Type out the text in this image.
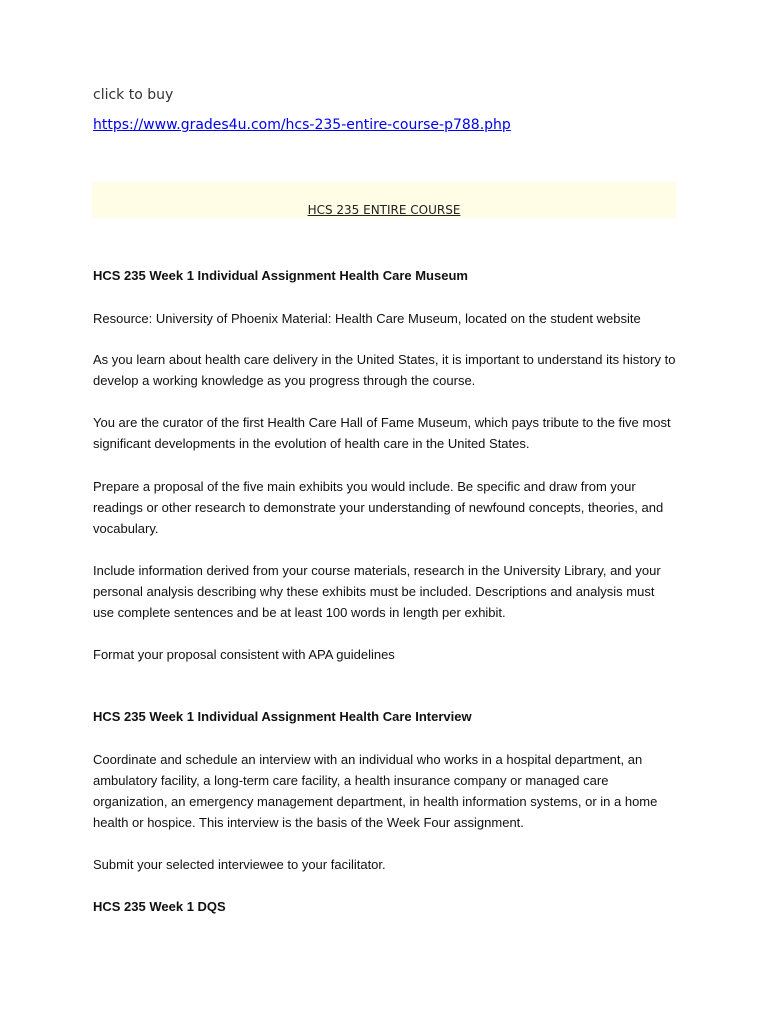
click to buy
https://www.grades4u.com/hcs-235-entire-course-p788.php
HCS 235 ENTIRE COURSE
HCS 235 Week 1 Individual Assignment Health Care Museum
Resource: University of Phoenix Material: Health Care Museum, located on the student website
As you learn about health care delivery in the United States, it is important to understand its history to develop a working knowledge as you progress through the course.
You are the curator of the first Health Care Hall of Fame Museum, which pays tribute to the five most significant developments in the evolution of health care in the United States.
Prepare a proposal of the five main exhibits you would include. Be specific and draw from your readings or other research to demonstrate your understanding of newfound concepts, theories, and vocabulary.
Include information derived from your course materials, research in the University Library, and your personal analysis describing why these exhibits must be included. Descriptions and analysis must use complete sentences and be at least 100 words in length per exhibit.
Format your proposal consistent with APA guidelines
HCS 235 Week 1 Individual Assignment Health Care Interview
Coordinate and schedule an interview with an individual who works in a hospital department, an ambulatory facility, a long-term care facility, a health insurance company or managed care organization, an emergency management department, in health information systems, or in a home health or hospice. This interview is the basis of the Week Four assignment.
Submit your selected interviewee to your facilitator.
HCS 235 Week 1 DQS
